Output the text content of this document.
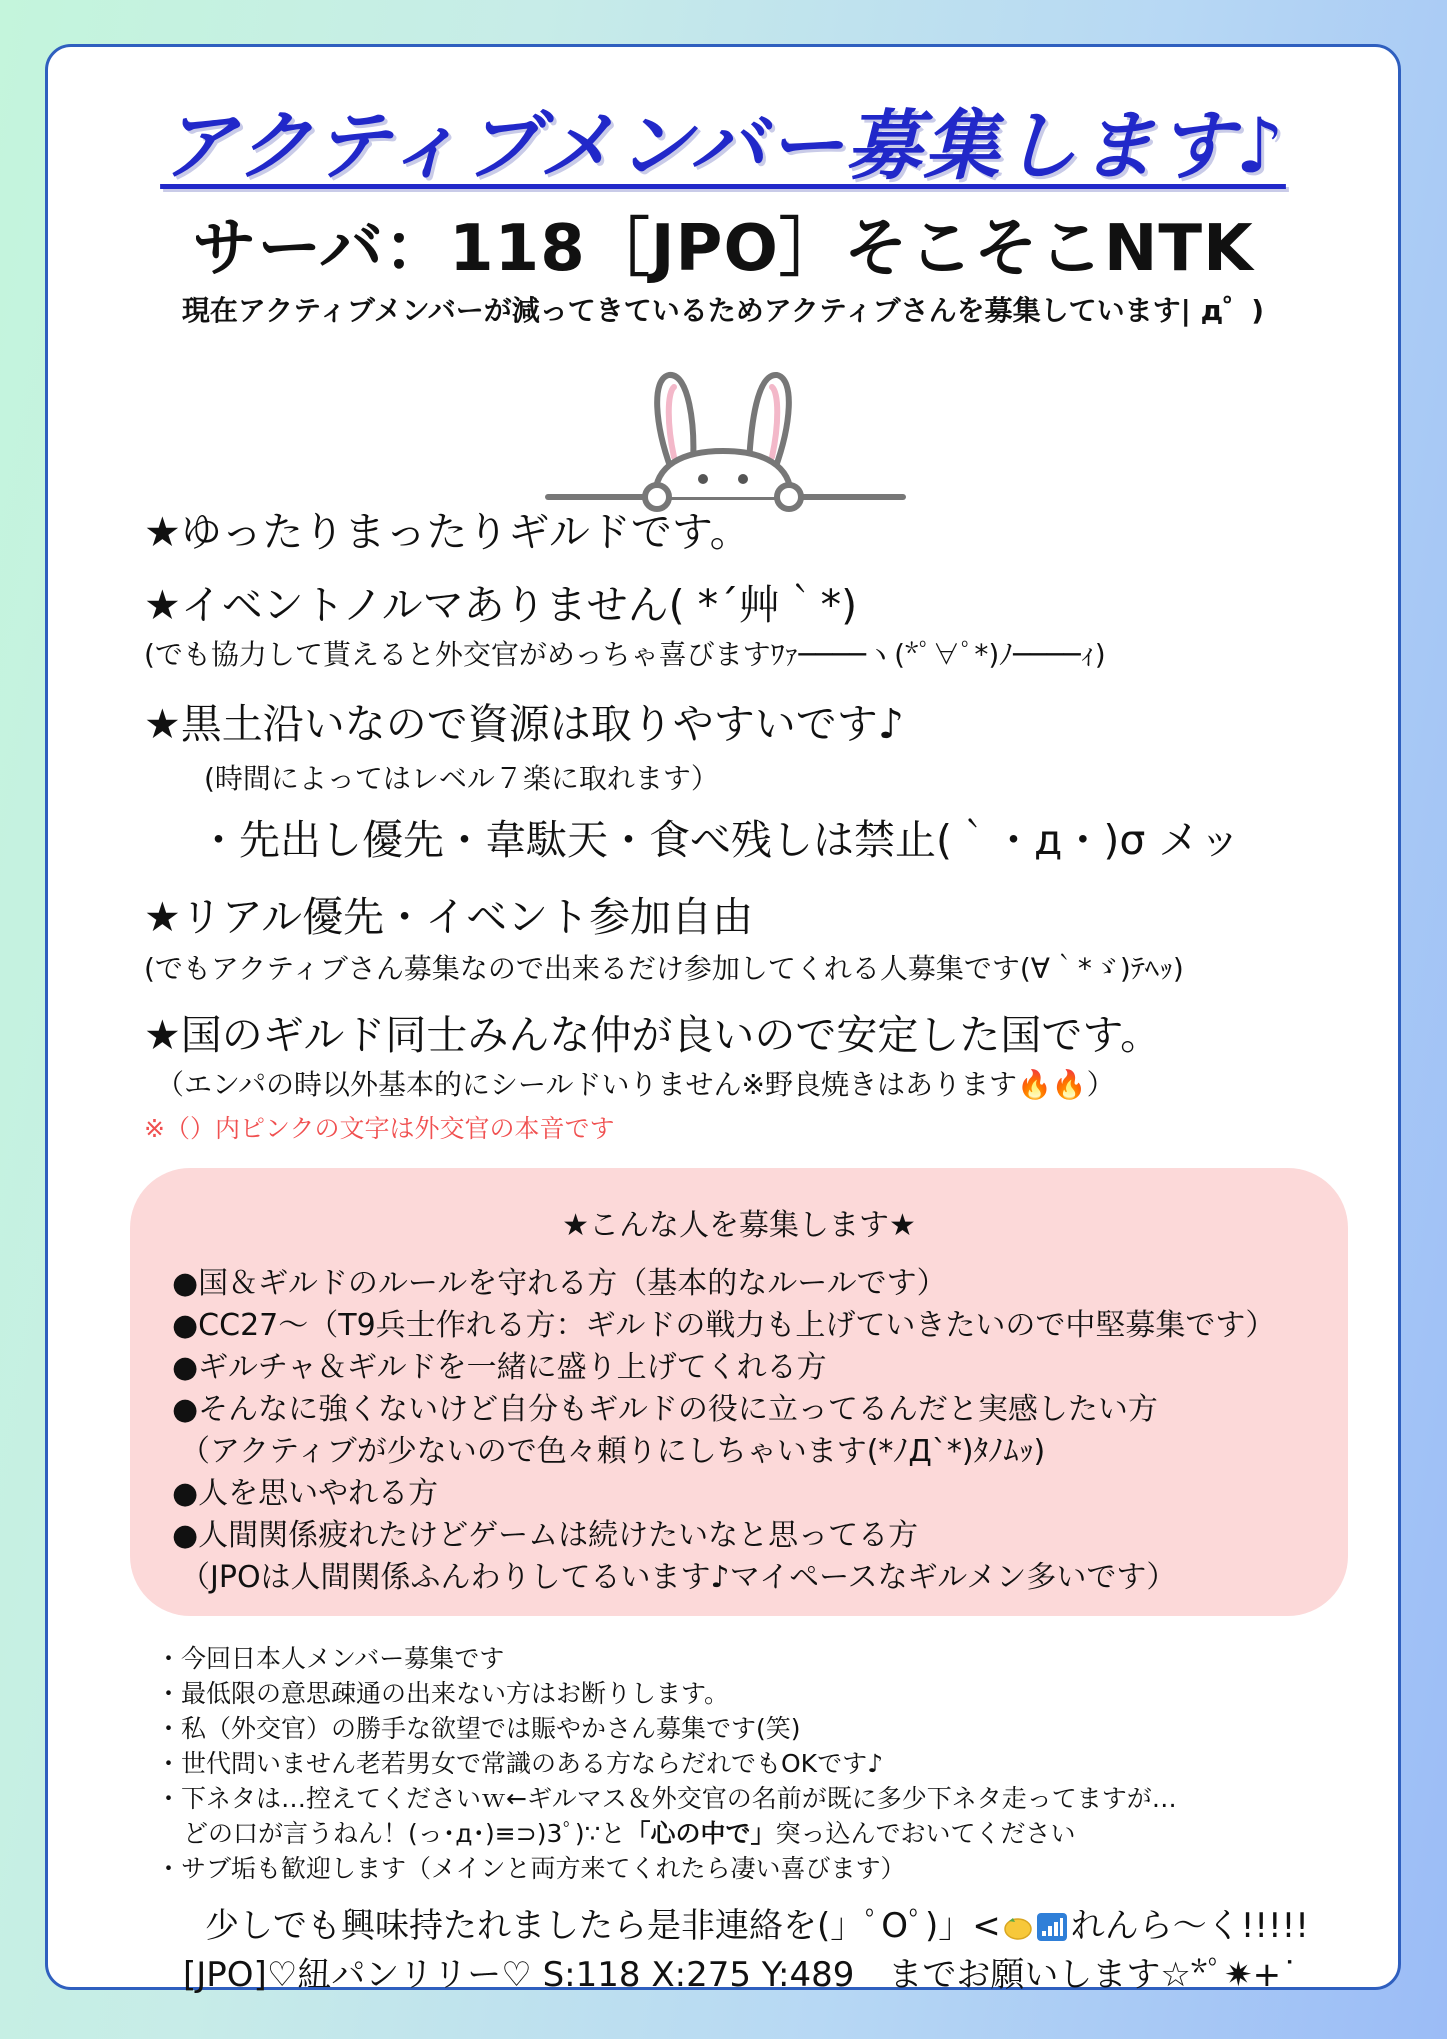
アクティブメンバー募集します♪
サーバ：118［JPO］そこそこNTK
現在アクティブメンバーが減ってきているためアクティブさんを募集しています| д゜)
★ゆったりまったりギルドです。
★イベントノルマありません( *´艸｀*)
(でも協力して貰えると外交官がめっちゃ喜びますﾜｧ────ヽ(*ﾟ∀ﾟ*)ﾉ────ｨ)
★黒土沿いなので資源は取りやすいです♪
(時間によってはレベル７楽に取れます）
・先出し優先・韋駄天・食べ残しは禁止(｀・д・)σ メッ
★リアル優先・イベント参加自由
(でもアクティブさん募集なので出来るだけ参加してくれる人募集です(∀｀*ゞ)ﾃﾍｯ)
★国のギルド同士みんな仲が良いので安定した国です。
（エンパの時以外基本的にシールドいりません※野良焼きはあります🔥🔥）
※（）内ピンクの文字は外交官の本音です
★こんな人を募集します★
●国＆ギルドのルールを守れる方（基本的なルールです）
●CC27～（T9兵士作れる方：ギルドの戦力も上げていきたいので中堅募集です）
●ギルチャ＆ギルドを一緒に盛り上げてくれる方
●そんなに強くないけど自分もギルドの役に立ってるんだと実感したい方
（アクティブが少ないので色々頼りにしちゃいます(*ﾉД`*)ﾀﾉﾑｯ)
●人を思いやれる方
●人間関係疲れたけどゲームは続けたいなと思ってる方
（JPOは人間関係ふんわりしてるいます♪マイペースなギルメン多いです）
・今回日本人メンバー募集です
・最低限の意思疎通の出来ない方はお断りします。
・私（外交官）の勝手な欲望では賑やかさん募集です(笑)
・世代問いません老若男女で常識のある方ならだれでもOKです♪
・下ネタは…控えてくださいｗ←ギルマス＆外交官の名前が既に多少下ネタ走ってますが…
どの口が言うねん！(っ･д･)≡⊃)3ﾟ)∵と「心の中で」突っ込んでおいてください
・サブ垢も歓迎します（メインと両方来てくれたら凄い喜びます）
少しでも興味持たれましたら是非連絡を(」ﾟOﾟ)」< れんら～く!!!!!
[JPO]♡紐パンリリー♡ S:118 X:275 Y:489　までお願いします☆*ﾟ✷+˙
